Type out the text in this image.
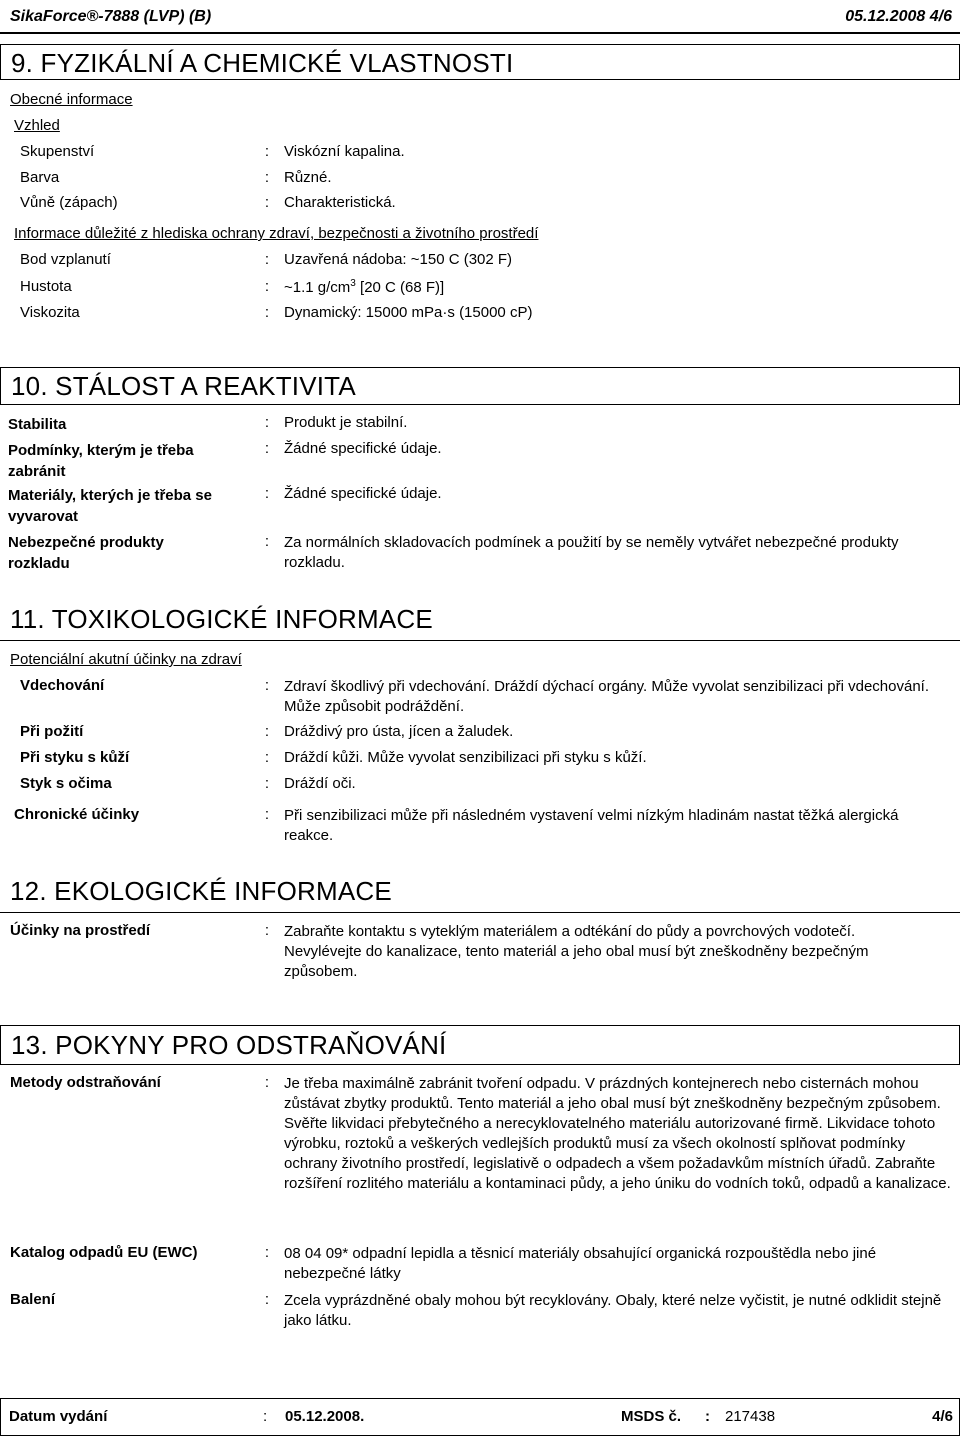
SikaForce®-7888 (LVP) (B)	05.12.2008 4/6
9. FYZIKÁLNÍ A CHEMICKÉ VLASTNOSTI
Obecné informace
Vzhled
Skupenství	: Viskózní kapalina.
Barva	: Různé.
Vůně (zápach)	: Charakteristická.
Informace důležité z hlediska ochrany zdraví, bezpečnosti a životního prostředí
Bod vzplanutí	: Uzavřená nádoba: ~150 C (302 F)
Hustota	: ~1.1 $g/cm^3$ [20 C (68 F)]
Viskozita	: Dynamický: 15000 mPa·s (15000 cP)
10. STÁLOST A REAKTIVITA
Stabilita	: Produkt je stabilní.
Podmínky, kterým je třeba zabránit
: Žádné specifické údaje.
Materiály, kterých je třeba se vyvarovat
: Žádné specifické údaje.
Nebezpečné produkty rozkladu
: Za normálních skladovacích podmínek a použití by se neměly vytvářet nebezpečné produkty rozkladu.
11. TOXIKOLOGICKÉ INFORMACE
Potenciální akutní účinky na zdraví
Vdechování	: Zdraví škodlivý při vdechování. Dráždí dýchací orgány. Může vyvolat senzibilizaci při vdechování. Může způsobit podráždění.
Při požití	: Dráždivý pro ústa, jícen a žaludek.
Při styku s kůží	: Dráždí kůži. Může vyvolat senzibilizaci při styku s kůží.
Styk s očima	: Dráždí oči.
Chronické účinky	: Při senzibilizaci může při následném vystavení velmi nízkým hladinám nastat těžká alergická reakce.
12. EKOLOGICKÉ INFORMACE
Účinky na prostředí	: Zabraňte kontaktu s vyteklým materiálem a odtékání do půdy a povrchových vodotečí. Nevylévejte do kanalizace, tento materiál a jeho obal musí být zneškodněny bezpečným způsobem.
13. POKYNY PRO ODSTRAŇOVÁNÍ
Metody odstraňování	: Je třeba maximálně zabránit tvoření odpadu. V prázdných kontejnerech nebo cisternách mohou zůstávat zbytky produktů. Tento materiál a jeho obal musí být zneškodněny bezpečným způsobem. Svěřte likvidaci přebytečného a nerecyklovatelného materiálu autorizované firmě. Likvidace tohoto výrobku, roztoků a veškerých vedlejších produktů musí za všech okolností splňovat podmínky ochrany životního prostředí, legislativě o odpadech a všem požadavkům místních úřadů. Zabraňte rozšíření rozlitého materiálu a kontaminaci půdy, a jeho úniku do vodních toků, odpadů a kanalizace.
Katalog odpadů EU (EWC)	: 08 04 09* odpadní lepidla a těsnicí materiály obsahující organická rozpouštědla nebo jiné nebezpečné látky
Balení	: Zcela vyprázdněné obaly mohou být recyklovány. Obaly, které nelze vyčistit, je nutné odklidit stejně jako látku.
Datum vydání	: 05.12.2008.	MSDS č. : 217438	4/6
